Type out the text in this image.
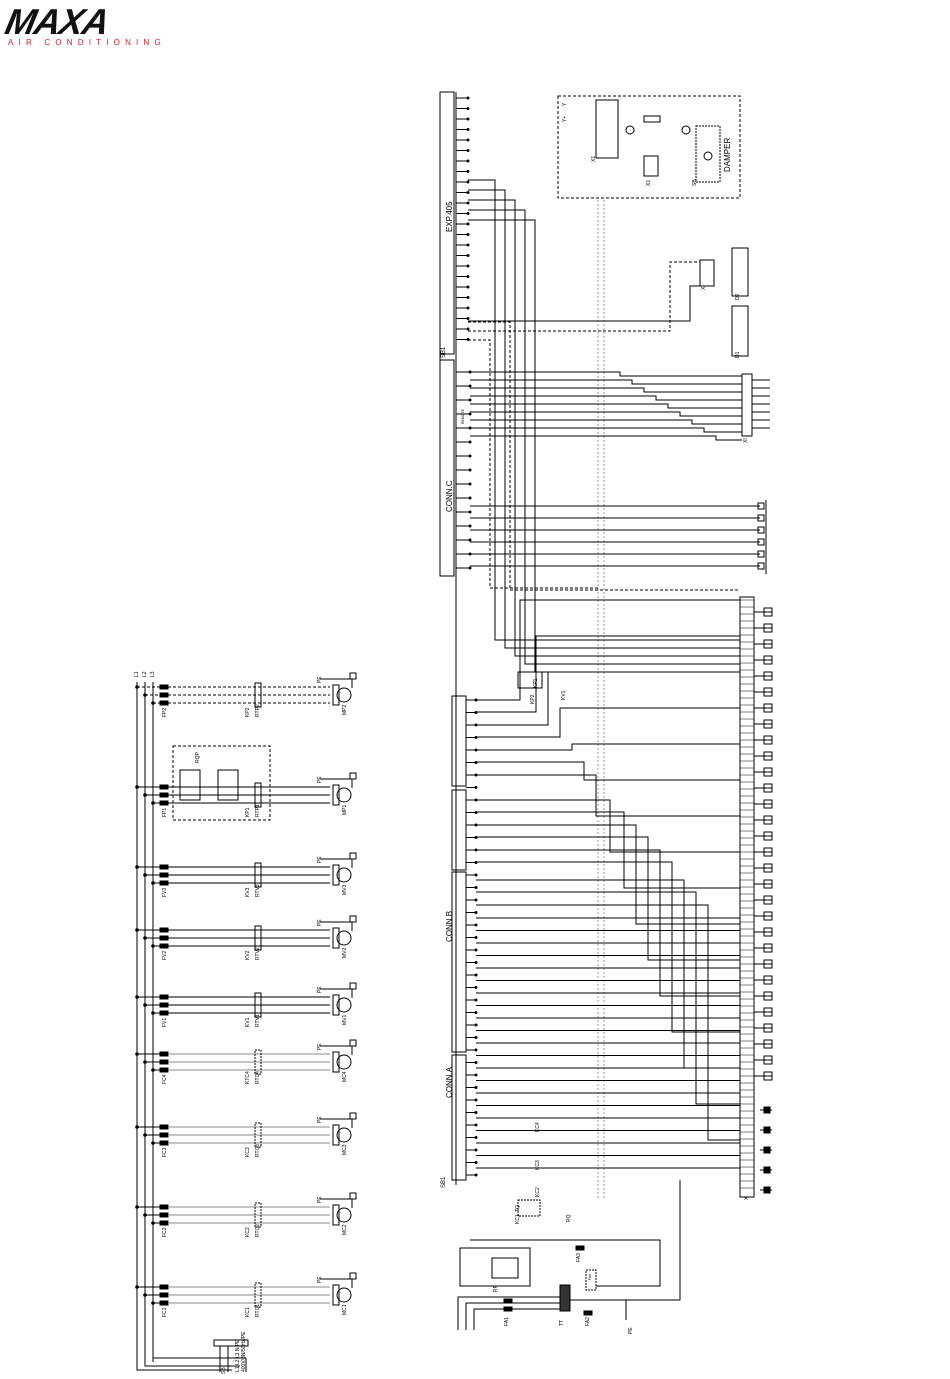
MAXA
AIR CONDITIONING
EXP.405
SB1
CONN.C
CONN.B
CONN.A
SB1
DAMPER
Y+
Y
X1
X1	SB
X
D2
D1
XI
X
REMOTE
KP1
KP2	KV1
KC4
KC3
KC2
KC1	RQ
TQ
TT
FA1	FA2
FA3
FA4
RF
PE
L1 L2 L3
L1 L2 L3 N PE 400V/3N/50Hz/PE
SB
RQP
FP2	KP2 RTP2	MP2
PE
FP1	KP1 RTP1	MP1
PE
FV3	KV3 RTV3	MV3
PE
FV2	KV2 RTV2	MV2
PE
FV1	KV1 RTV1	MV1
PE
FC4	KTC4 RTC4	MC4
PE
FC3	KC3 RTC3	MC3
PE
FC2	KC2 RTC2	MC2
PE
FC1	KC1 RTC1	MC1
PE
